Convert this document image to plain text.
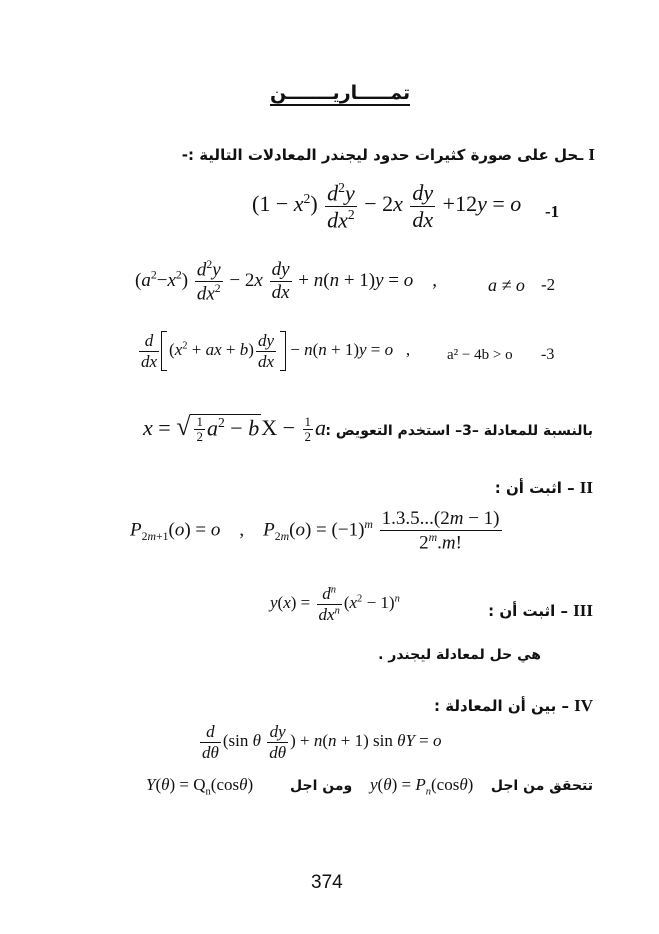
تمـــــاريـــــــن
ـحل على صورة كثيرات حدود ليجندر المعادلات التالية :- I
$(1 - x^2) \frac{d^2y}{dx^2} - 2x \frac{dy}{dx} +12y = o$ -1
$(a^2-x^2) \frac{d^2y}{dx^2} - 2x \frac{dy}{dx} + n(n + 1)y = o$    ,	a ≠ o -2
$\frac{d}{dx} (x^2$ + ax + $b) \frac{dy}{dx} - n(n + 1)y = o$   , a² − 4b > o -3
x = √ $\frac{1}{2} a^2$ − bX − $\frac{1}{2}$ a بالنسبة للمعادلة –3– استخدم التعويض :
– اثبت أن : II
$P_{2m+1}(o) = o$    ,    $P_{2m}(o) = (-1)^m \frac{1.3.5...(2m - 1)}{2^m.m!}$
$y(x) = \frac{d^n}{dx^n} (x^2 - 1)^n$
– اثبت أن : III
هي حل لمعادلة ليجندر .
– بين أن المعادلة : IV
$\frac{d}{d\theta} (\sin$ θ $\frac{dy}{d\theta}$ ) + n(n + 1) sin θY = o
$Y(\theta) = Q_n(\cos\theta)$	ومن اجل $y(\theta) = P_n(\cos\theta)$ تتحقق من اجل
374
